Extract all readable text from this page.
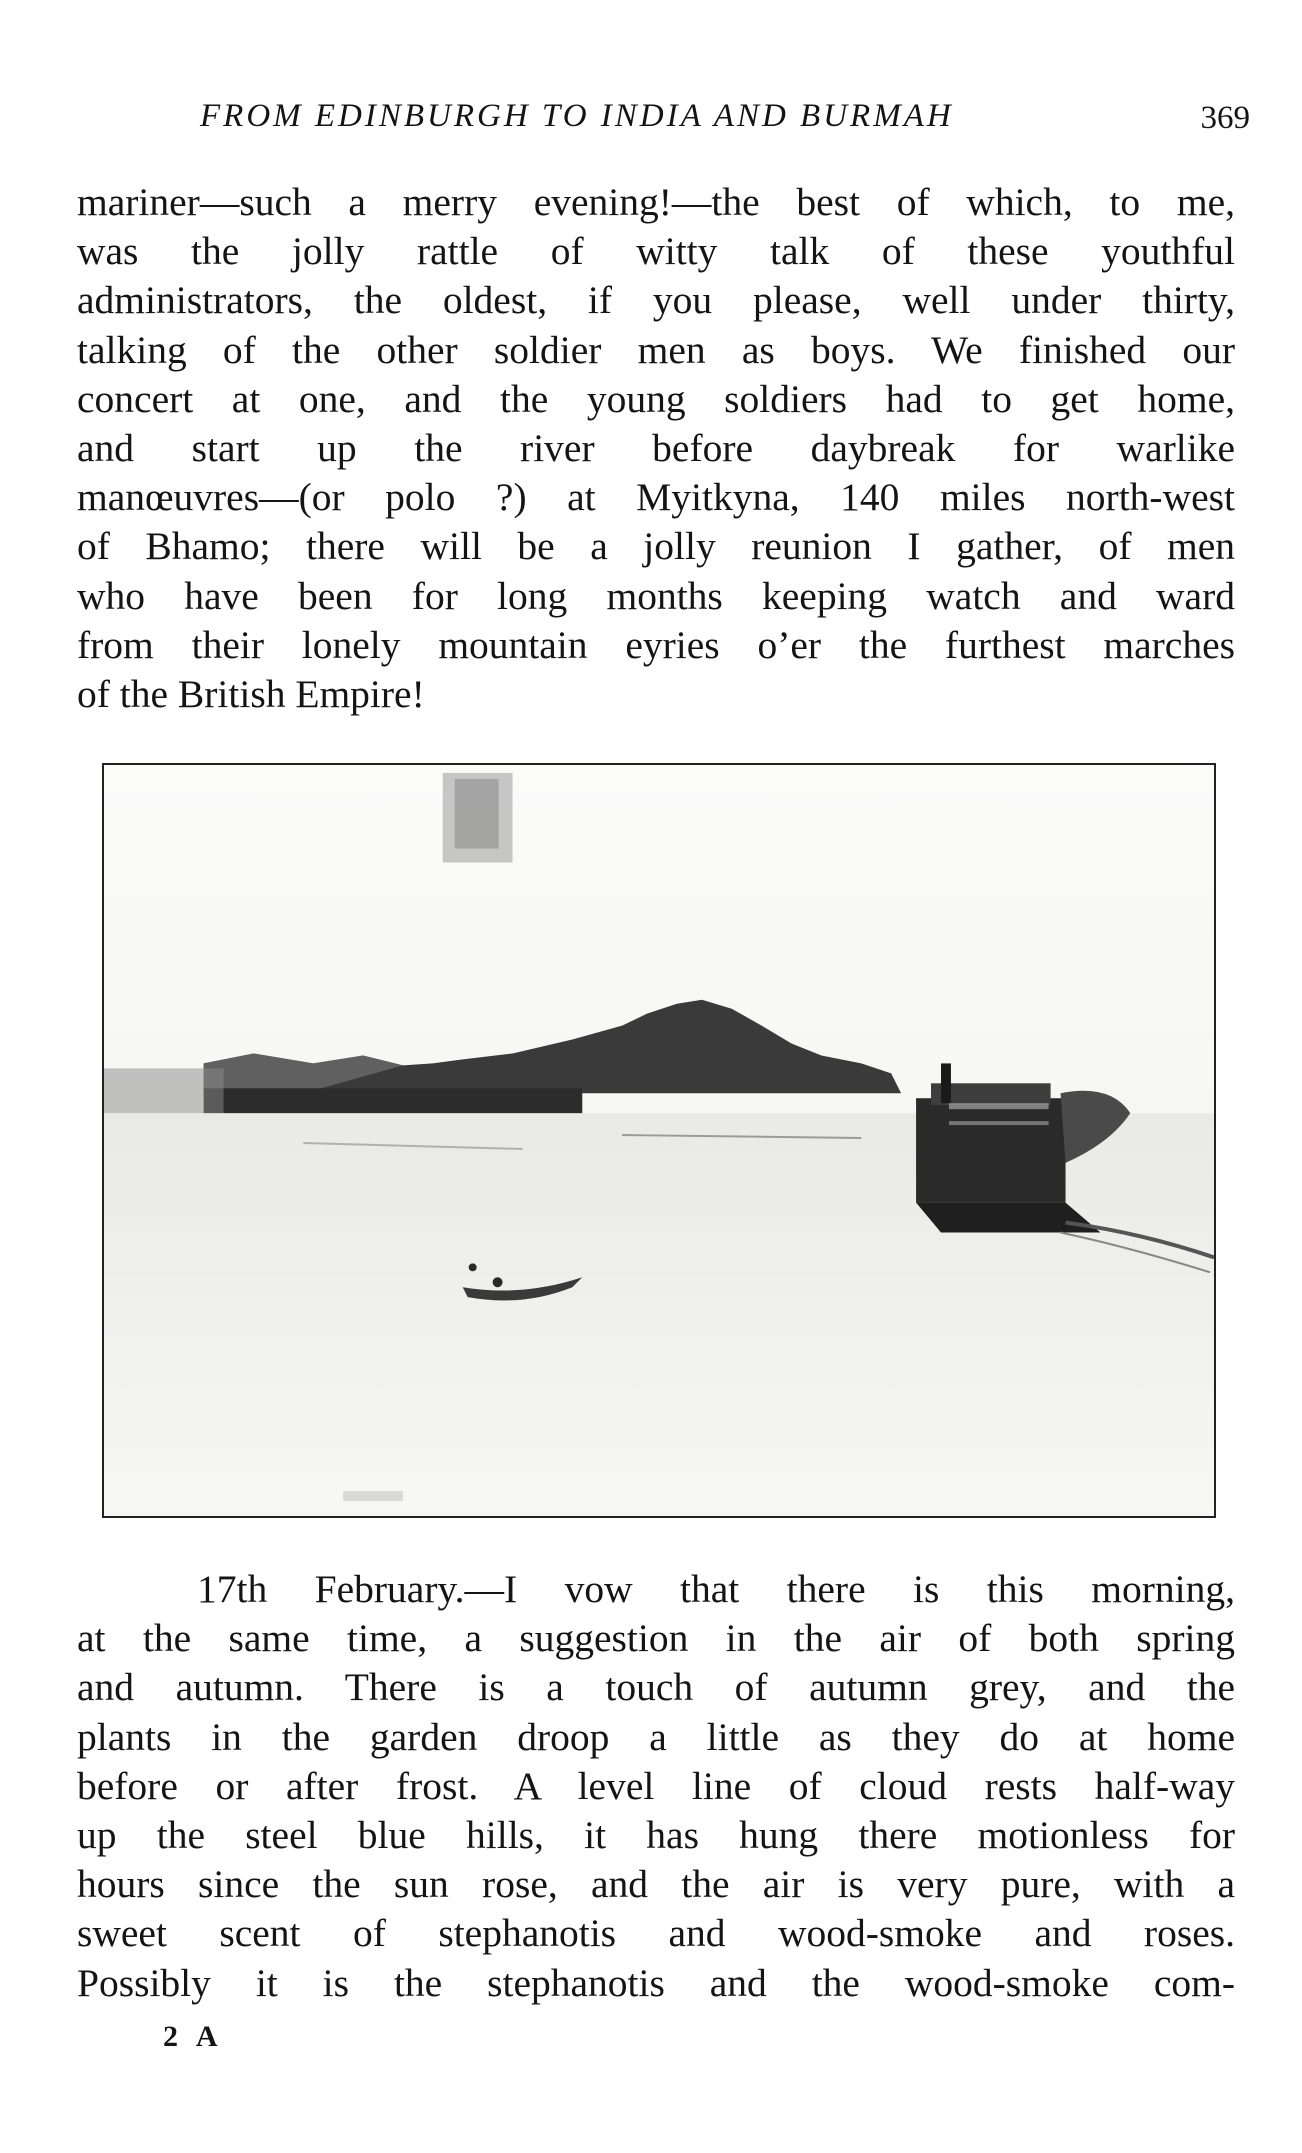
FROM EDINBURGH TO INDIA AND BURMAH	369
mariner—such a merry evening!—the best of which, to me,
was the jolly rattle of witty talk of these youthful
administrators, the oldest, if you please, well under thirty,
talking of the other soldier men as boys. We finished our
concert at one, and the young soldiers had to get home,
and start up the river before daybreak for warlike
manœuvres—(or polo ?) at Myitkyna, 140 miles north-west
of Bhamo; there will be a jolly reunion I gather, of men
who have been for long months keeping watch and ward
from their lonely mountain eyries o’er the furthest marches
of the British Empire!
17th February.—I vow that there is this morning,
at the same time, a suggestion in the air of both spring
and autumn. There is a touch of autumn grey, and the
plants in the garden droop a little as they do at home
before or after frost. A level line of cloud rests half-way
up the steel blue hills, it has hung there motionless for
hours since the sun rose, and the air is very pure, with a
sweet scent of stephanotis and wood-smoke and roses.
Possibly it is the stephanotis and the wood-smoke com-
2 A
